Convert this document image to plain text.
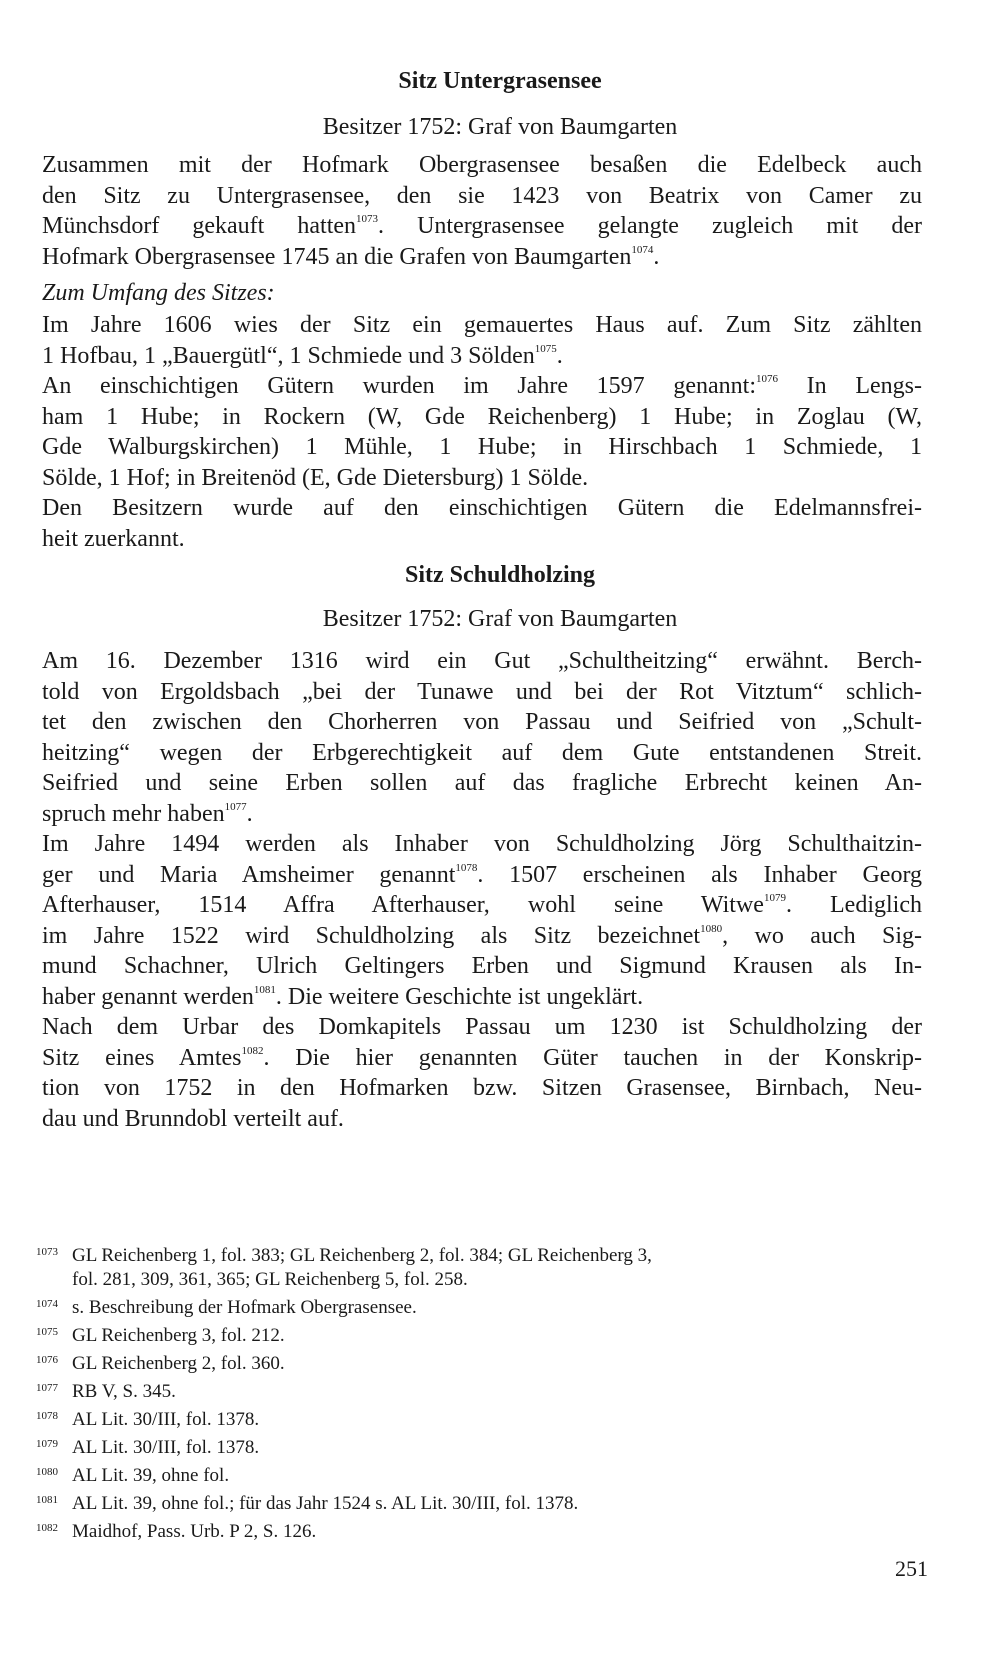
Sitz Untergrasensee
Besitzer 1752: Graf von Baumgarten
Zusammen mit der Hofmark Obergrasensee besaßen die Edelbeck auch
den Sitz zu Untergrasensee, den sie 1423 von Beatrix von Camer zu
Münchsdorf gekauft hatten$^{1073}$. Untergrasensee gelangte zugleich mit der
Hofmark Obergrasensee 1745 an die Grafen von Baumgarten$^{1074}$.
Zum Umfang des Sitzes:
Im Jahre 1606 wies der Sitz ein gemauertes Haus auf. Zum Sitz zählten
1 Hofbau, 1 „Bauergütl“, 1 Schmiede und 3 Sölden$^{1075}$.
An einschichtigen Gütern wurden im Jahre 1597 genannt:$^{1076}$ In Lengs-
ham 1 Hube; in Rockern (W, Gde Reichenberg) 1 Hube; in Zoglau (W,
Gde Walburgskirchen) 1 Mühle, 1 Hube; in Hirschbach 1 Schmiede, 1
Sölde, 1 Hof; in Breitenöd (E, Gde Dietersburg) 1 Sölde.
Den Besitzern wurde auf den einschichtigen Gütern die Edelmannsfrei-
heit zuerkannt.
Sitz Schuldholzing
Besitzer 1752: Graf von Baumgarten
Am 16. Dezember 1316 wird ein Gut „Schultheitzing“ erwähnt. Berch-
told von Ergoldsbach „bei der Tunawe und bei der Rot Vitztum“ schlich-
tet den zwischen den Chorherren von Passau und Seifried von „Schult-
heitzing“ wegen der Erbgerechtigkeit auf dem Gute entstandenen Streit.
Seifried und seine Erben sollen auf das fragliche Erbrecht keinen An-
spruch mehr haben$^{1077}$.
Im Jahre 1494 werden als Inhaber von Schuldholzing Jörg Schulthaitzin-
ger und Maria Amsheimer genannt$^{1078}$. 1507 erscheinen als Inhaber Georg
Afterhauser, 1514 Affra Afterhauser, wohl seine Witwe$^{1079}$. Lediglich
im Jahre 1522 wird Schuldholzing als Sitz bezeichnet$^{1080}$, wo auch Sig-
mund Schachner, Ulrich Geltingers Erben und Sigmund Krausen als In-
haber genannt werden$^{1081}$. Die weitere Geschichte ist ungeklärt.
Nach dem Urbar des Domkapitels Passau um 1230 ist Schuldholzing der
Sitz eines Amtes$^{1082}$. Die hier genannten Güter tauchen in der Konskrip-
tion von 1752 in den Hofmarken bzw. Sitzen Grasensee, Birnbach, Neu-
dau und Brunndobl verteilt auf.
1073 GL Reichenberg 1, fol. 383; GL Reichenberg 2, fol. 384; GL Reichenberg 3,
fol. 281, 309, 361, 365; GL Reichenberg 5, fol. 258.
1074 s. Beschreibung der Hofmark Obergrasensee.
1075 GL Reichenberg 3, fol. 212.
1076 GL Reichenberg 2, fol. 360.
1077 RB V, S. 345.
1078 AL Lit. 30/III, fol. 1378.
1079 AL Lit. 30/III, fol. 1378.
1080 AL Lit. 39, ohne fol.
1081 AL Lit. 39, ohne fol.; für das Jahr 1524 s. AL Lit. 30/III, fol. 1378.
1082 Maidhof, Pass. Urb. P 2, S. 126.
251
